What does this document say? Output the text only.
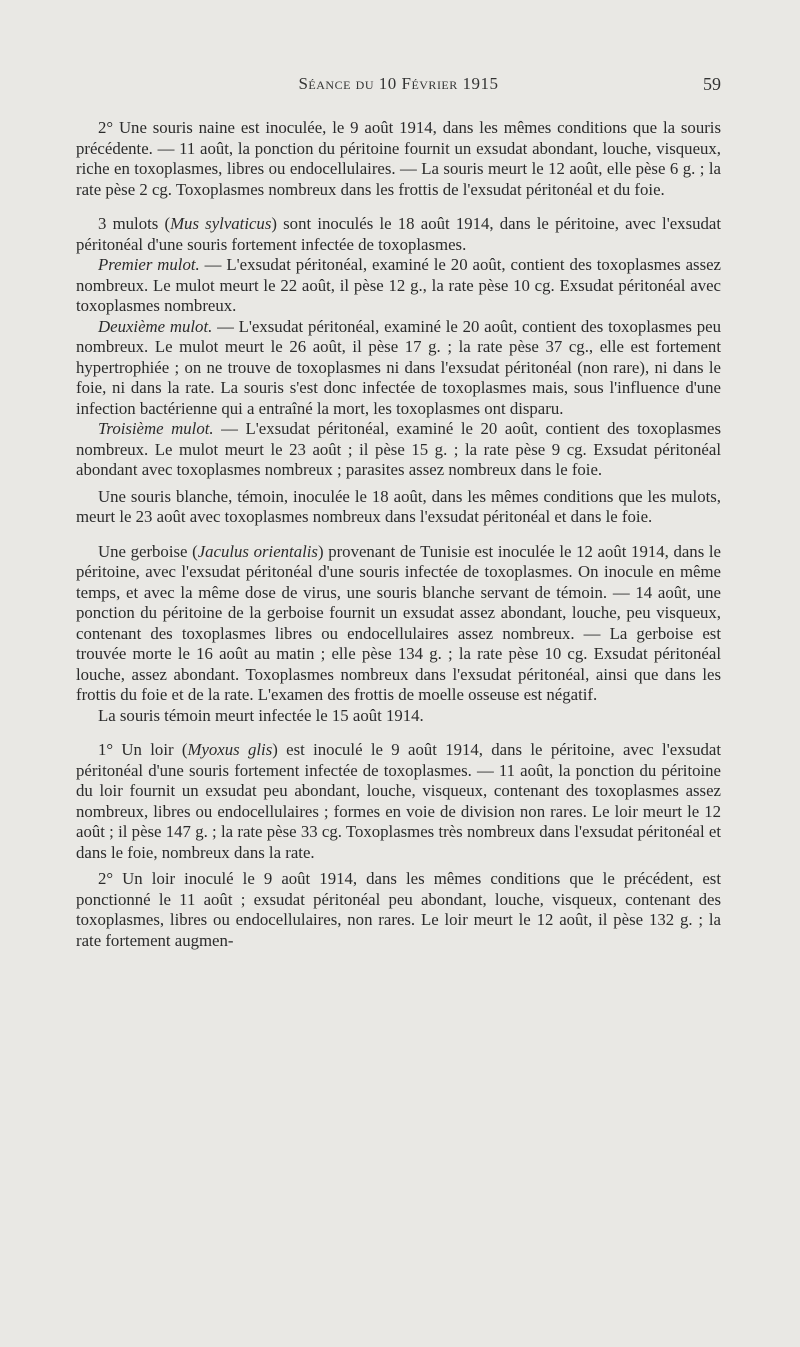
Séance du 10 Février 1915	59

2° Une souris naine est inoculée, le 9 août 1914, dans les mêmes conditions que la souris précédente. — 11 août, la ponction du péritoine fournit un exsudat abondant, louche, visqueux, riche en toxoplasmes, libres ou endocellulaires. — La souris meurt le 12 août, elle pèse 6 g. ; la rate pèse 2 cg. Toxoplasmes nombreux dans les frottis de l'exsudat péritonéal et du foie.

3 mulots (Mus sylvaticus) sont inoculés le 18 août 1914, dans le péritoine, avec l'exsudat péritonéal d'une souris fortement infectée de toxoplasmes.

Premier mulot. — L'exsudat péritonéal, examiné le 20 août, contient des toxoplasmes assez nombreux. Le mulot meurt le 22 août, il pèse 12 g., la rate pèse 10 cg. Exsudat péritonéal avec toxoplasmes nombreux.

Deuxième mulot. — L'exsudat péritonéal, examiné le 20 août, contient des toxoplasmes peu nombreux. Le mulot meurt le 26 août, il pèse 17 g. ; la rate pèse 37 cg., elle est fortement hypertrophiée ; on ne trouve de toxoplasmes ni dans l'exsudat péritonéal (non rare), ni dans le foie, ni dans la rate. La souris s'est donc infectée de toxoplasmes mais, sous l'influence d'une infection bactérienne qui a entraîné la mort, les toxoplasmes ont disparu.

Troisième mulot. — L'exsudat péritonéal, examiné le 20 août, contient des toxoplasmes nombreux. Le mulot meurt le 23 août ; il pèse 15 g. ; la rate pèse 9 cg. Exsudat péritonéal abondant avec toxoplasmes nombreux ; parasites assez nombreux dans le foie.

Une souris blanche, témoin, inoculée le 18 août, dans les mêmes conditions que les mulots, meurt le 23 août avec toxoplasmes nombreux dans l'exsudat péritonéal et dans le foie.

Une gerboise (Jaculus orientalis) provenant de Tunisie est inoculée le 12 août 1914, dans le péritoine, avec l'exsudat péritonéal d'une souris infectée de toxoplasmes. On inocule en même temps, et avec la même dose de virus, une souris blanche servant de témoin. — 14 août, une ponction du péritoine de la gerboise fournit un exsudat assez abondant, louche, peu visqueux, contenant des toxoplasmes libres ou endocellulaires assez nombreux. — La gerboise est trouvée morte le 16 août au matin ; elle pèse 134 g. ; la rate pèse 10 cg. Exsudat péritonéal louche, assez abondant. Toxoplasmes nombreux dans l'exsudat péritonéal, ainsi que dans les frottis du foie et de la rate. L'examen des frottis de moelle osseuse est négatif.

La souris témoin meurt infectée le 15 août 1914.

1° Un loir (Myoxus glis) est inoculé le 9 août 1914, dans le péritoine, avec l'exsudat péritonéal d'une souris fortement infectée de toxoplasmes. — 11 août, la ponction du péritoine du loir fournit un exsudat peu abondant, louche, visqueux, contenant des toxoplasmes assez nombreux, libres ou endocellulaires ; formes en voie de division non rares. Le loir meurt le 12 août ; il pèse 147 g. ; la rate pèse 33 cg. Toxoplasmes très nombreux dans l'exsudat péritonéal et dans le foie, nombreux dans la rate.

2° Un loir inoculé le 9 août 1914, dans les mêmes conditions que le précédent, est ponctionné le 11 août ; exsudat péritonéal peu abondant, louche, visqueux, contenant des toxoplasmes, libres ou endocellulaires, non rares. Le loir meurt le 12 août, il pèse 132 g. ; la rate fortement augmen-
